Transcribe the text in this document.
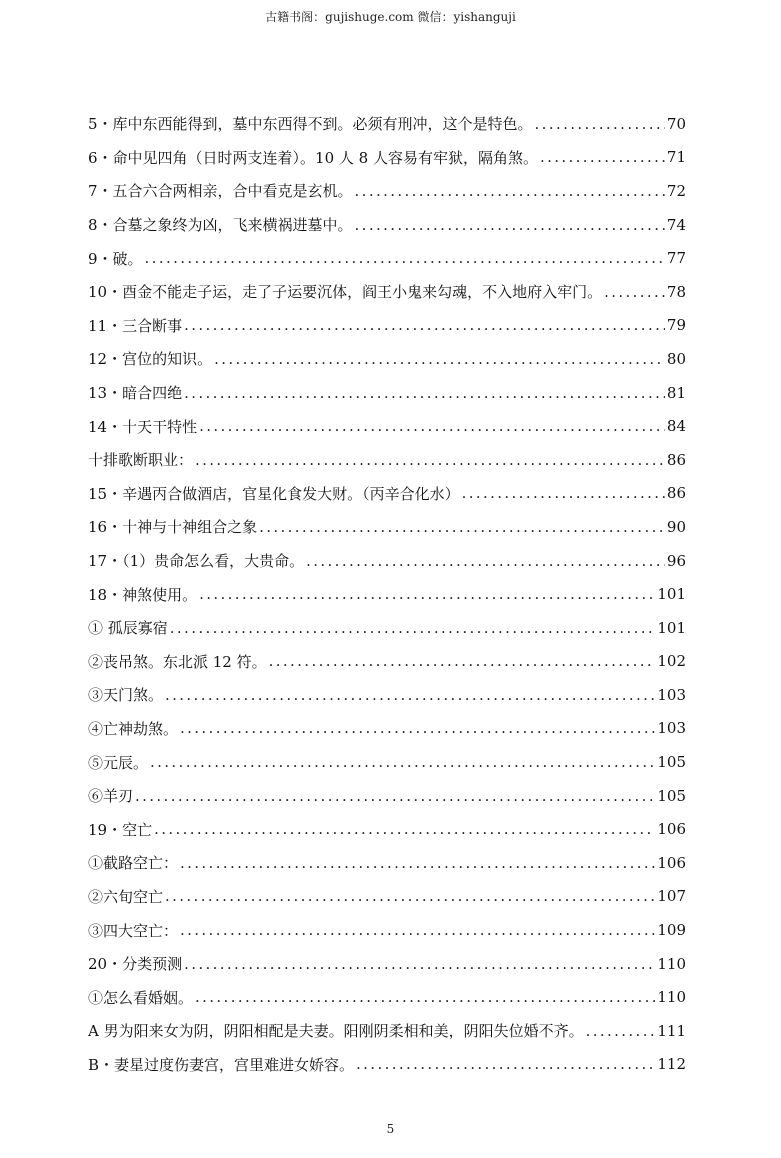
古籍书阁：gujishuge.com 微信：yishanguji
5・库中东西能得到，墓中东西得不到。必须有刑冲，这个是特色。 . . .	70
6・命中见四角（日时两支连着）。10 人 8 人容易有牢狱，隔角煞。 . . .	71
7・五合六合两相亲，合中看克是玄机。 . . .	72
8・合墓之象终为凶，飞来横祸进墓中。 . . .	74
9・破。 . . .	77
10・酉金不能走子运，走了子运要沉体，阎王小鬼来勾魂，不入地府入牢门。 . . .	78
11・三合断事 . . .	79
12・宫位的知识。 . . .	80
13・暗合四绝 . . .	81
14・十天干特性 . . .	84
十排歌断职业： . . .	86
15・辛遇丙合做酒店，官星化食发大财。（丙辛合化水） . . .	86
16・十神与十神组合之象 . . .	90
17・（1）贵命怎么看，大贵命。 . . .	96
18・神煞使用。 . . .	101
① 孤辰寡宿 . . .	101
②丧吊煞。东北派 12 符。 . . .	102
③天门煞。 . . .	103
④亡神劫煞。 . . .	103
⑤元辰。 . . .	105
⑥羊刃 . . .	105
19・空亡 . . .	106
①截路空亡： . . .	106
②六旬空亡 . . .	107
③四大空亡： . . .	109
20・分类预测 . . .	110
①怎么看婚姻。 . . .	110
A 男为阳来女为阴，阴阳相配是夫妻。阳刚阴柔相和美，阴阳失位婚不齐。 . . .	111
B・妻星过度伤妻宫，宫里难进女娇容。 . . .	112
5
